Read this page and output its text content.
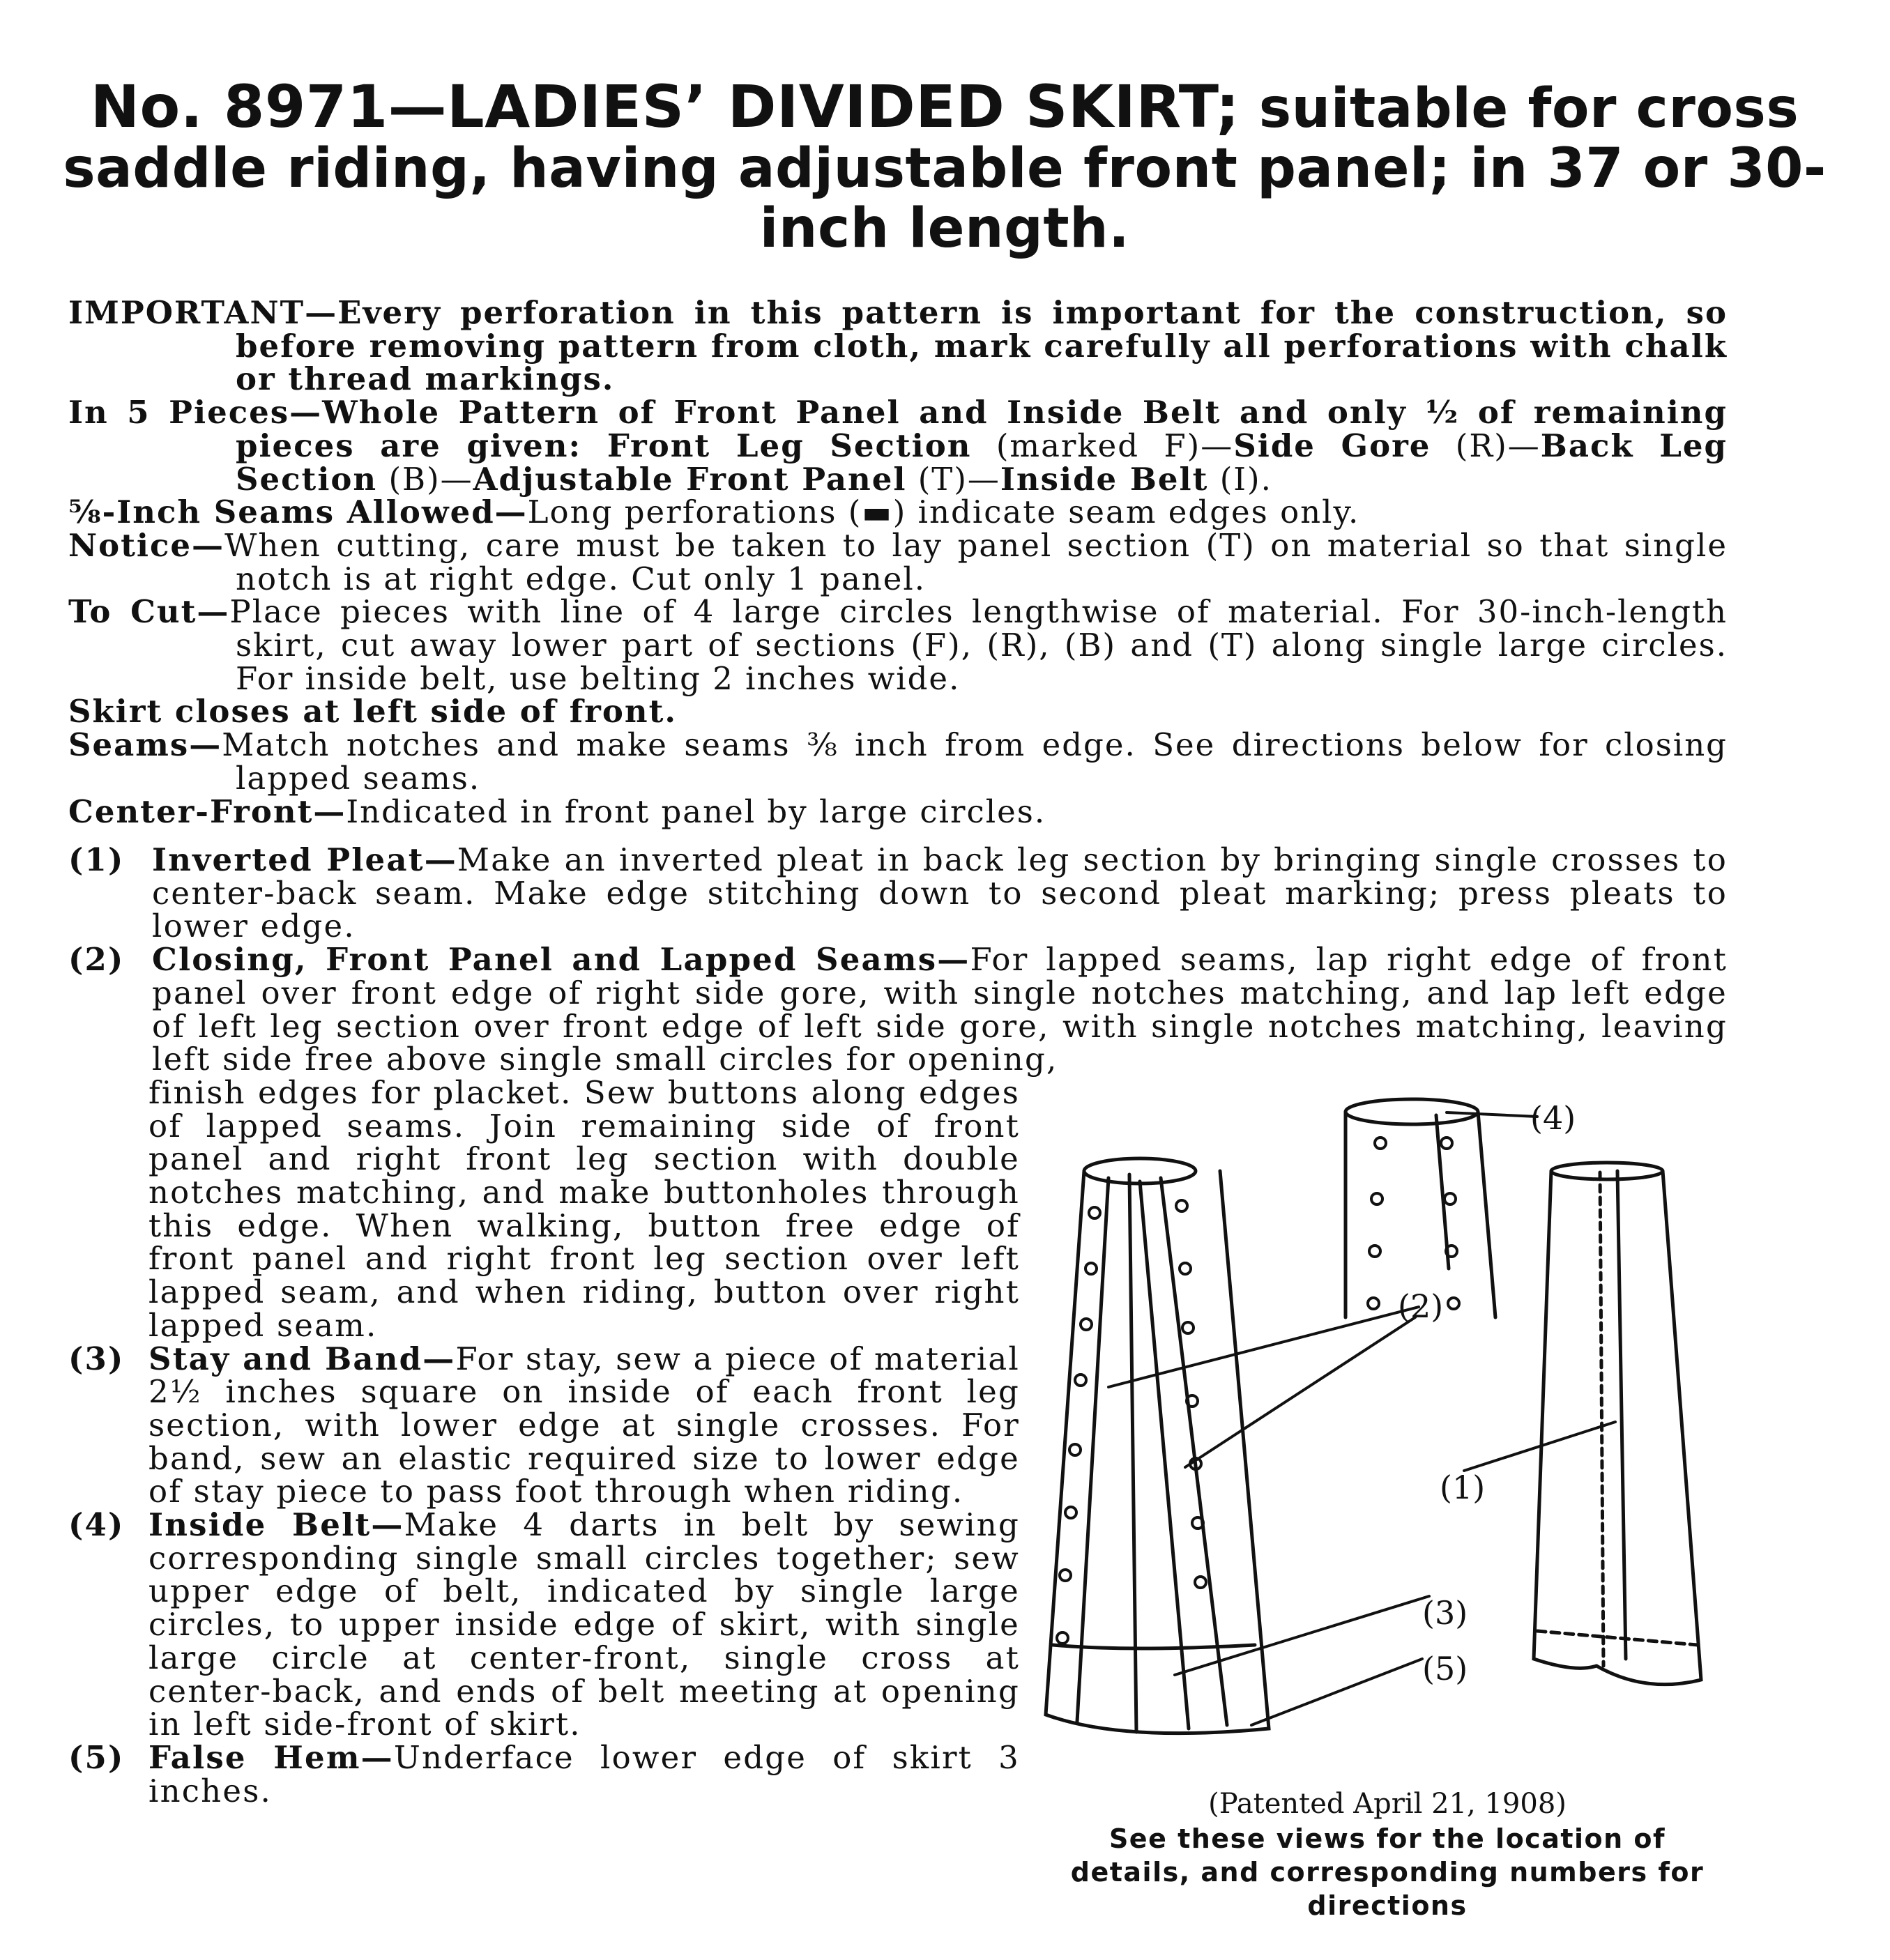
No. 8971—LADIES’ DIVIDED SKIRT; suitable for cross saddle riding, having adjustable front panel; in 37 or 30-inch length.
IMPORTANT—Every perforation in this pattern is important for the construction, so before removing pattern from cloth, mark carefully all perforations with chalk or thread markings.
In 5 Pieces—Whole Pattern of Front Panel and Inside Belt and only ½ of remaining pieces are given: Front Leg Section (marked F)—Side Gore (R)—Back Leg Section (B)—Adjustable Front Panel (T)—Inside Belt (I).
⅝-Inch Seams Allowed—Long perforations (▬) indicate seam edges only.
Notice—When cutting, care must be taken to lay panel section (T) on material so that single notch is at right edge. Cut only 1 panel.
To Cut—Place pieces with line of 4 large circles lengthwise of material. For 30-inch-length skirt, cut away lower part of sections (F), (R), (B) and (T) along single large circles. For inside belt, use belting 2 inches wide.
Skirt closes at left side of front.
Seams—Match notches and make seams ⅜ inch from edge. See directions below for closing lapped seams.
Center-Front—Indicated in front panel by large circles.
(1) Inverted Pleat—Make an inverted pleat in back leg section by bringing single crosses to center-back seam. Make edge stitching down to second pleat marking; press pleats to lower edge.
(2) Closing, Front Panel and Lapped Seams—For lapped seams, lap right edge of front panel over front edge of right side gore, with single notches matching, and lap left edge of left leg section over front edge of left side gore, with single notches matching, leaving left side free above single small circles for opening,
finish edges for placket. Sew buttons along edges of lapped seams. Join remaining side of front panel and right front leg section with double notches matching, and make buttonholes through this edge. When walking, button free edge of front panel and right front leg section over left lapped seam, and when riding, button over right lapped seam.
(3) Stay and Band—For stay, sew a piece of material 2½ inches square on inside of each front leg section, with lower edge at single crosses. For band, sew an elastic required size to lower edge of stay piece to pass foot through when riding.
(4) Inside Belt—Make 4 darts in belt by sewing corresponding single small circles together; sew upper edge of belt, indicated by single large circles, to upper inside edge of skirt, with single large circle at center-front, single cross at center-back, and ends of belt meeting at opening in left side-front of skirt.
(5) False Hem—Underface lower edge of skirt 3 inches.
(4)
(2)
(1)
(3)
(5)
(Patented April 21, 1908)
See these views for the location of details, and corresponding numbers for directions
